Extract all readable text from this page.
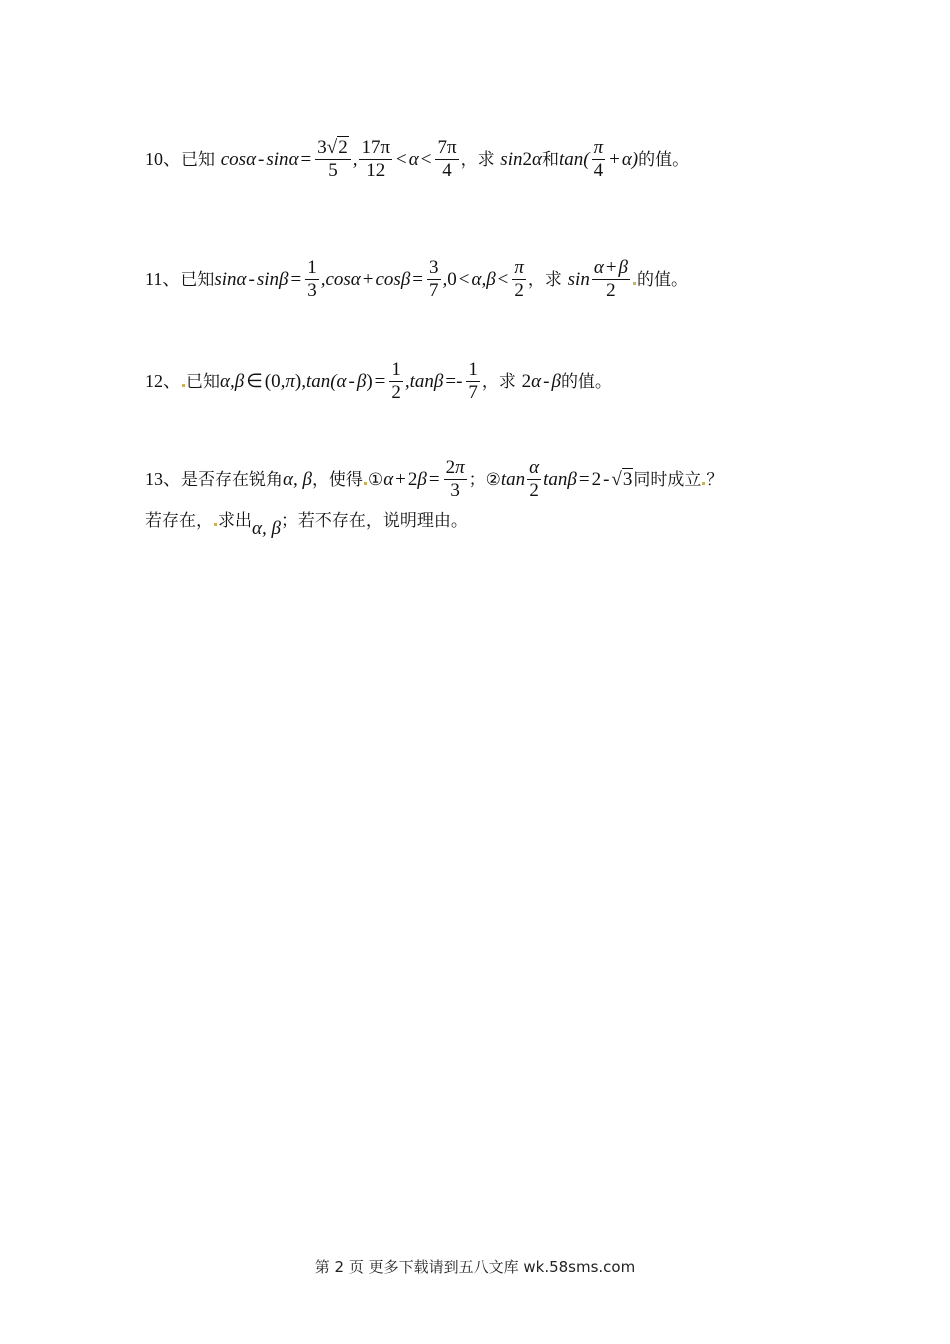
10、已知 $\cos\alpha - \sin\alpha = \frac{3√2}{5}$ , $\frac{17\pi}{12} < \alpha < \frac{7\pi}{4}$ ，求 sin2α和$\tan( \frac{\pi}{4} + \alpha)$的值。
11、已知$\sin\alpha - \sin\beta = \frac{1}{3} ,\cos\alpha + \cos\beta = \frac{3}{7} ,0 < \alpha,\beta < \frac{\pi}{2}$ ，求 $\sin \frac{\alpha + \beta}{2}$ 的值。
12、 已知α,β ∈ $(0,\pi),\tan(\alpha - \beta) = \frac{1}{2} ,\tan\beta =- \frac{1}{7}$ ，求 2α - β的值。
13、是否存在锐角α, β，使得 ①α + $2\beta = \frac{2\pi}{3}$ ；②tan $\frac{\alpha}{2}$ tanβ = 2 - √3同时成立 ？
若存在， 求出α, β；若不存在，说明理由。
第 2 页 更多下载请到五八文库 wk.58sms.com
